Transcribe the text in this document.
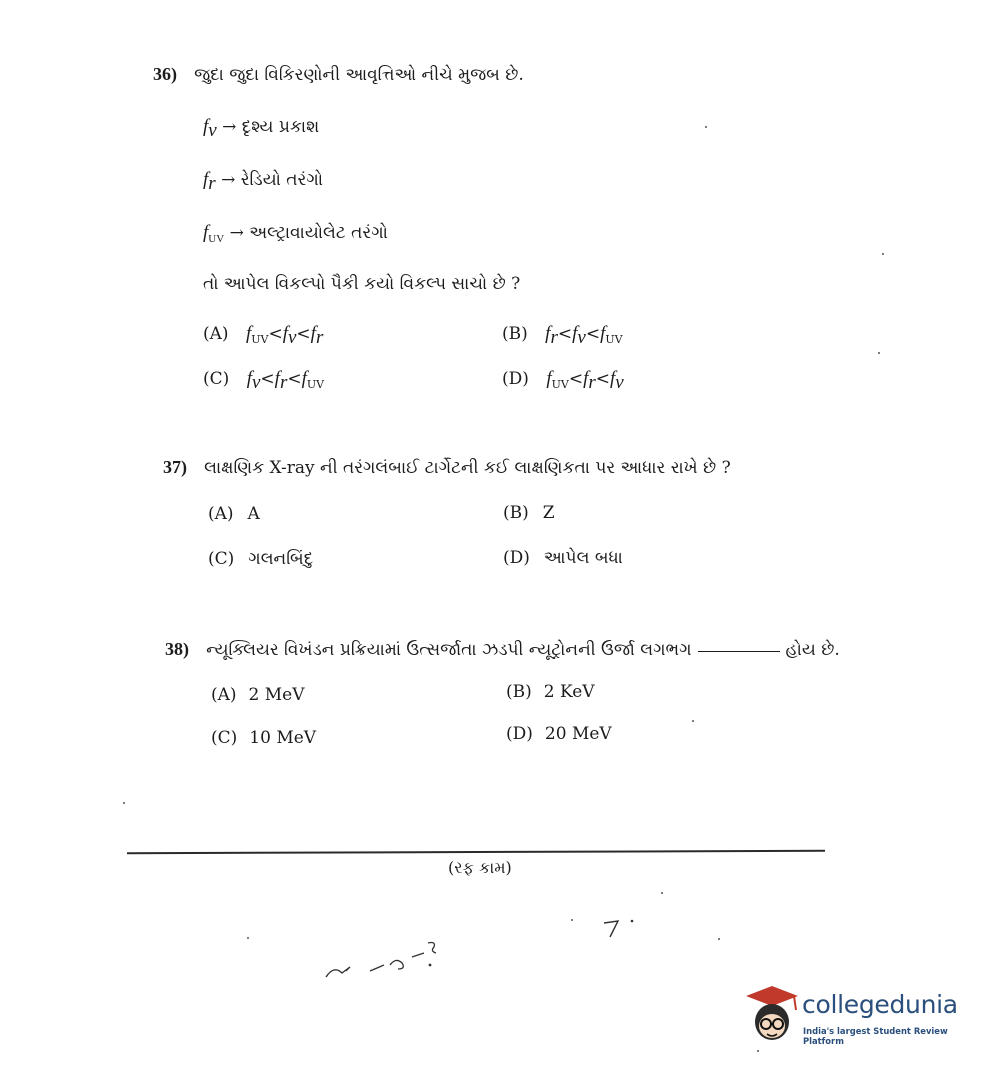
36) જુદા જુદા વિકિરણોની આવૃત્તિઓ નીચે મુજબ છે.
fv → દૃશ્ય પ્રકાશ
fr → રેડિયો તરંગો
$f_{UV}$ → અલ્ટ્રાવાયોલેટ તરંગો
તો આપેલ વિકલ્પો પૈકી કયો વિકલ્પ સાચો છે ?
(A) $f_{UV}<fv<fr$	(B) $fr<fv<f_{UV}$
(C) $fv<fr<f_{UV}$	(D) $f_{UV}<fr<fv$
37) લાક્ષણિક X-ray ની તરંગલંબાઈ ટાર્ગેટની કઈ લાક્ષણિકતા પર આધાર રાખે છે ?
(A) A	(B) Z
(C) ગલનબિંદુ	(D) આપેલ બધા
38) ન્યૂક્લિયર વિખંડન પ્રક્રિયામાં ઉત્સર્જાતા ઝડપી ન્યૂટ્રોનની ઉર્જા લગભગ	હોય છે.
(A) 2 MeV	(B) 2 KeV
(C) 10 MeV	(D) 20 MeV
(રફ કામ)
collegedunia
India's largest Student Review Platform
